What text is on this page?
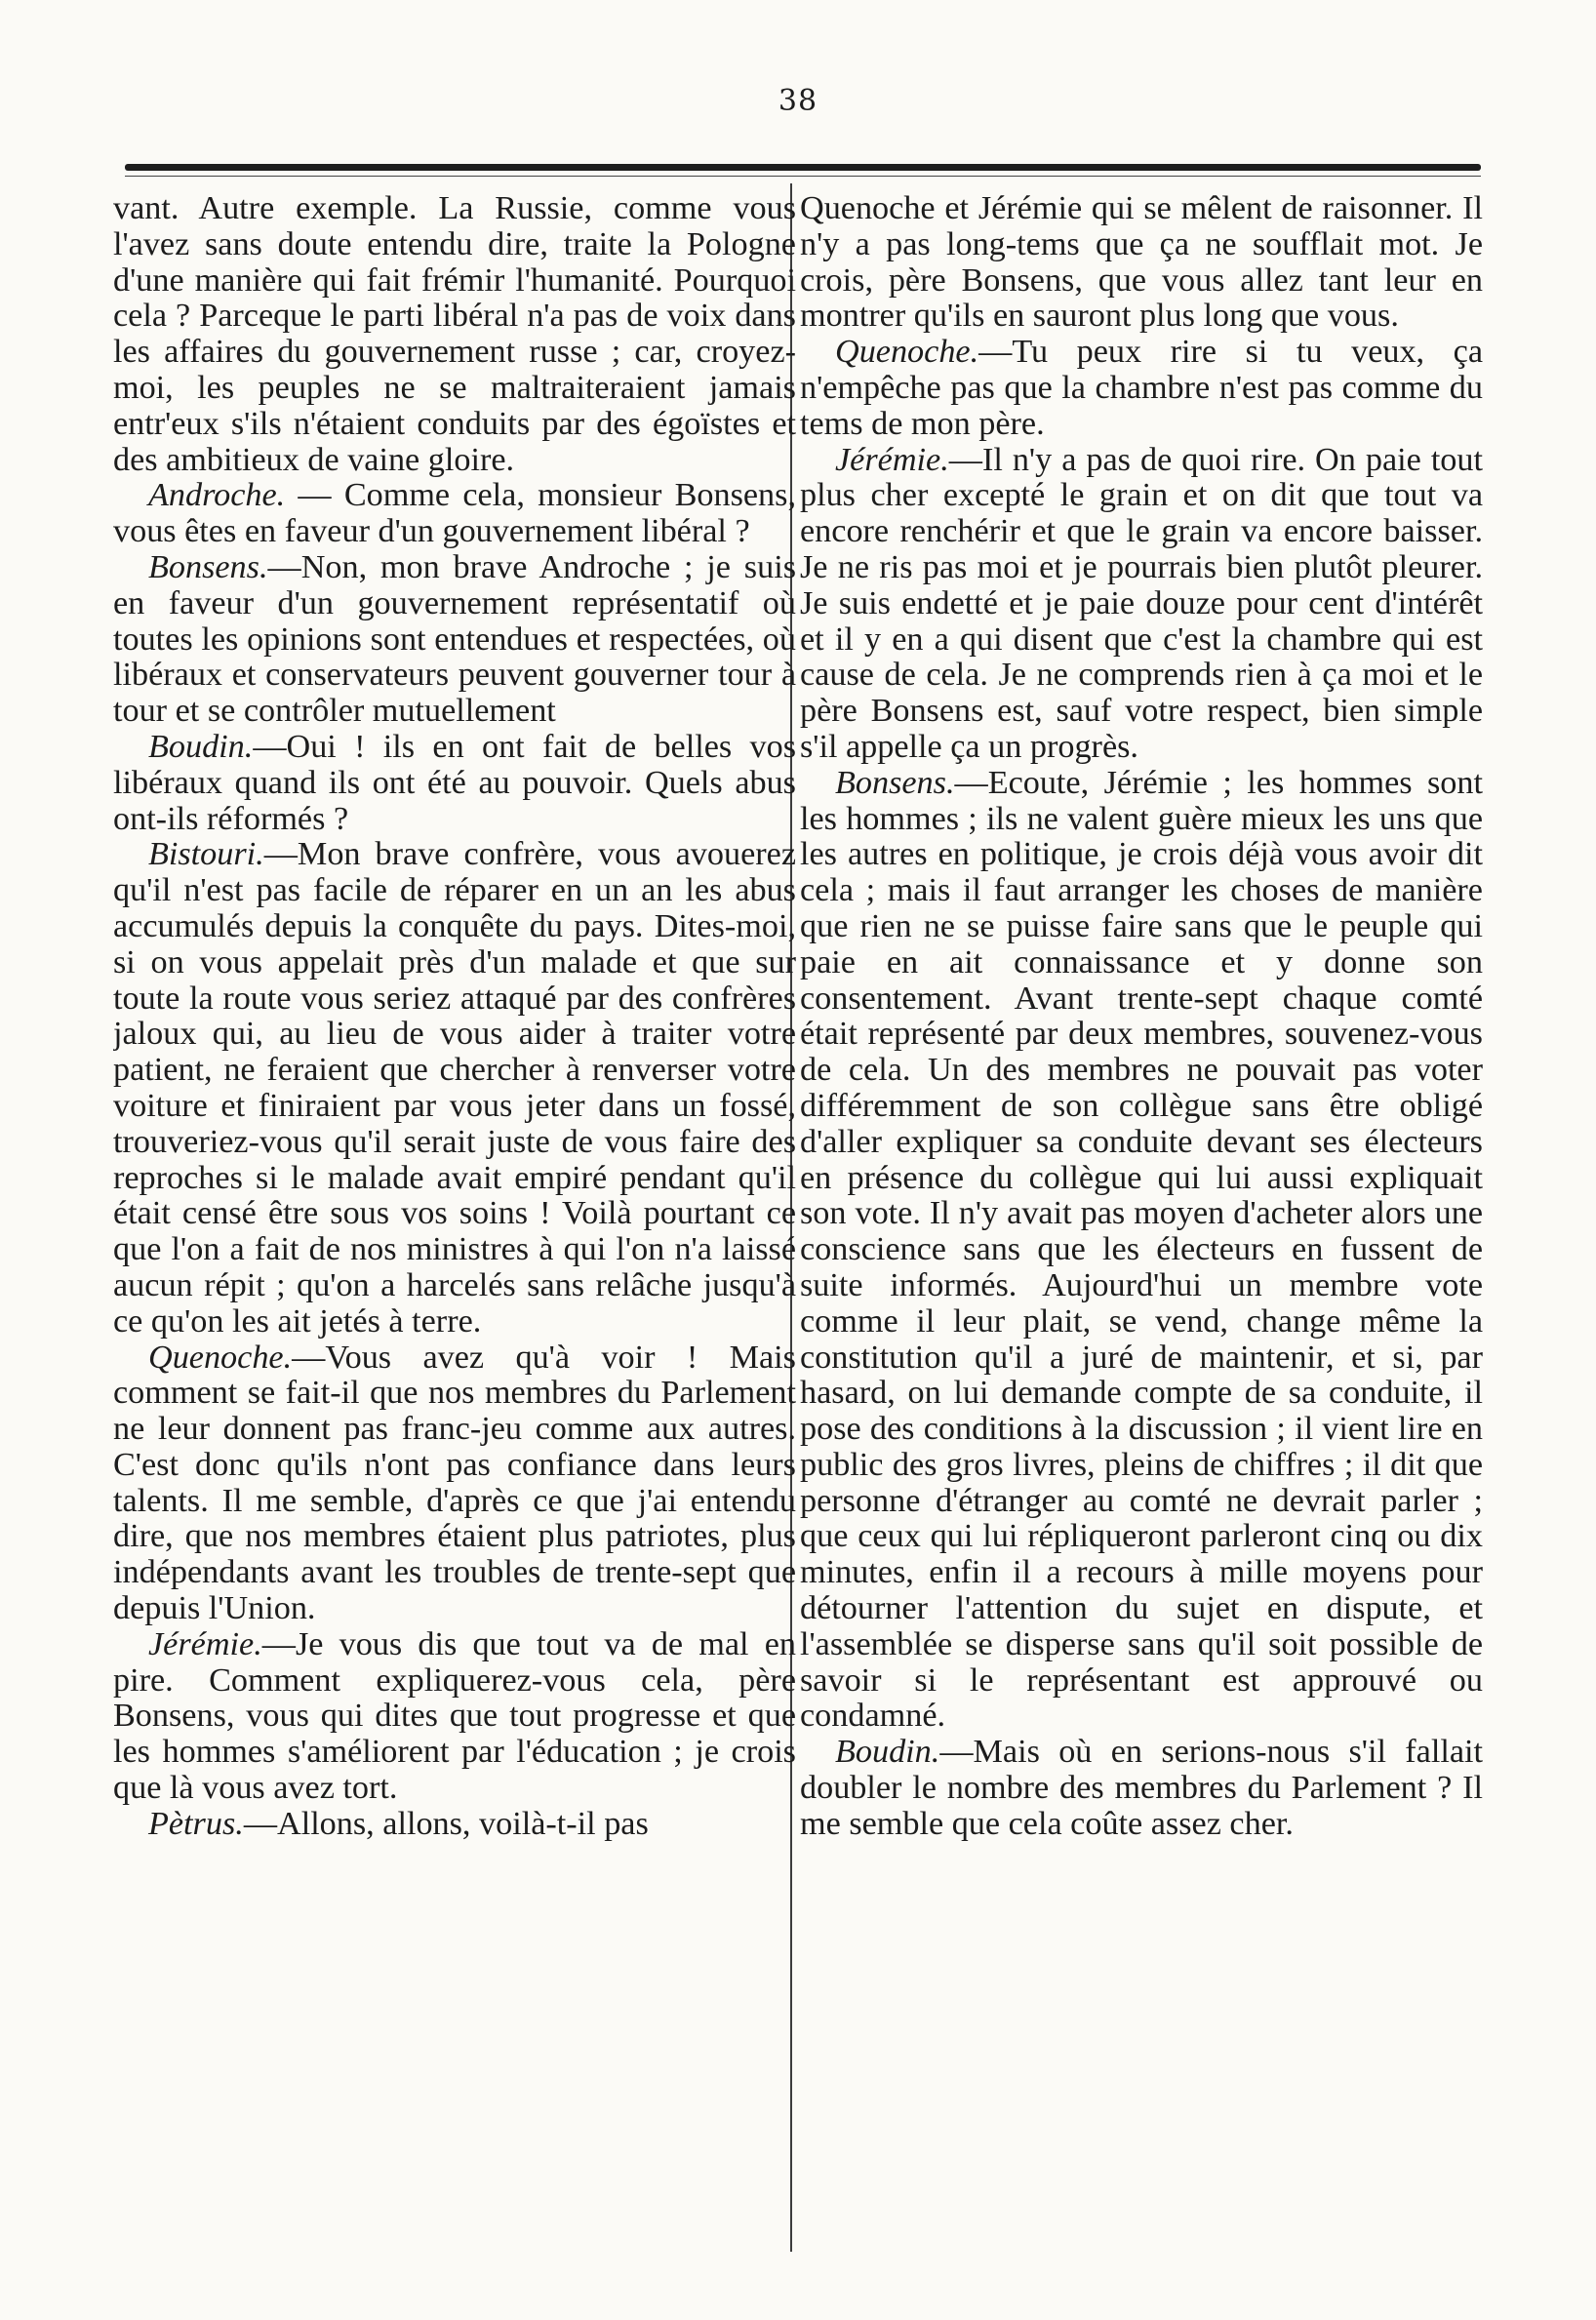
38

vant. Autre exemple. La Russie, comme vous l'avez sans doute entendu dire, traite la Pologne d'une manière qui fait frémir l'humanité. Pourquoi cela ? Parceque le parti libéral n'a pas de voix dans les affaires du gouvernement russe ; car, croyez-moi, les peuples ne se maltraiteraient jamais entr'eux s'ils n'étaient conduits par des égoïstes et des ambitieux de vaine gloire.

Androche. — Comme cela, monsieur Bonsens, vous êtes en faveur d'un gouvernement libéral ?

Bonsens.—Non, mon brave Androche ; je suis en faveur d'un gouvernement représentatif où toutes les opinions sont entendues et respectées, où libéraux et conservateurs peuvent gouverner tour à tour et se contrôler mutuellement

Boudin.—Oui ! ils en ont fait de belles vos libéraux quand ils ont été au pouvoir. Quels abus ont-ils réformés ?

Bistouri.—Mon brave confrère, vous avouerez qu'il n'est pas facile de réparer en un an les abus accumulés depuis la conquête du pays. Dites-moi, si on vous appelait près d'un malade et que sur toute la route vous seriez attaqué par des confrères jaloux qui, au lieu de vous aider à traiter votre patient, ne feraient que chercher à renverser votre voiture et finiraient par vous jeter dans un fossé, trouveriez-vous qu'il serait juste de vous faire des reproches si le malade avait empiré pendant qu'il était censé être sous vos soins ! Voilà pourtant ce que l'on a fait de nos ministres à qui l'on n'a laissé aucun répit ; qu'on a harcelés sans relâche jusqu'à ce qu'on les ait jetés à terre.

Quenoche.—Vous avez qu'à voir ! Mais comment se fait-il que nos membres du Parlement ne leur donnent pas franc-jeu comme aux autres. C'est donc qu'ils n'ont pas confiance dans leurs talents. Il me semble, d'après ce que j'ai entendu dire, que nos membres étaient plus patriotes, plus indépendants avant les troubles de trente-sept que depuis l'Union.

Jérémie.—Je vous dis que tout va de mal en pire. Comment expliquerez-vous cela, père Bonsens, vous qui dites que tout progresse et que les hommes s'améliorent par l'éducation ; je crois que là vous avez tort.

Pètrus.—Allons, allons, voilà-t-il pas

Quenoche et Jérémie qui se mêlent de raisonner. Il n'y a pas long-tems que ça ne soufflait mot. Je crois, père Bonsens, que vous allez tant leur en montrer qu'ils en sauront plus long que vous.

Quenoche.—Tu peux rire si tu veux, ça n'empêche pas que la chambre n'est pas comme du tems de mon père.

Jérémie.—Il n'y a pas de quoi rire. On paie tout plus cher excepté le grain et on dit que tout va encore renchérir et que le grain va encore baisser. Je ne ris pas moi et je pourrais bien plutôt pleurer. Je suis endetté et je paie douze pour cent d'intérêt et il y en a qui disent que c'est la chambre qui est cause de cela. Je ne comprends rien à ça moi et le père Bonsens est, sauf votre respect, bien simple s'il appelle ça un progrès.

Bonsens.—Ecoute, Jérémie ; les hommes sont les hommes ; ils ne valent guère mieux les uns que les autres en politique, je crois déjà vous avoir dit cela ; mais il faut arranger les choses de manière que rien ne se puisse faire sans que le peuple qui paie en ait connaissance et y donne son consentement. Avant trente-sept chaque comté était représenté par deux membres, souvenez-vous de cela. Un des membres ne pouvait pas voter différemment de son collègue sans être obligé d'aller expliquer sa conduite devant ses électeurs en présence du collègue qui lui aussi expliquait son vote. Il n'y avait pas moyen d'acheter alors une conscience sans que les électeurs en fussent de suite informés. Aujourd'hui un membre vote comme il leur plait, se vend, change même la constitution qu'il a juré de maintenir, et si, par hasard, on lui demande compte de sa conduite, il pose des conditions à la discussion ; il vient lire en public des gros livres, pleins de chiffres ; il dit que personne d'étranger au comté ne devrait parler ; que ceux qui lui répliqueront parleront cinq ou dix minutes, enfin il a recours à mille moyens pour détourner l'attention du sujet en dispute, et l'assemblée se disperse sans qu'il soit possible de savoir si le représentant est approuvé ou condamné.

Boudin.—Mais où en serions-nous s'il fallait doubler le nombre des membres du Parlement ? Il me semble que cela coûte assez cher.
